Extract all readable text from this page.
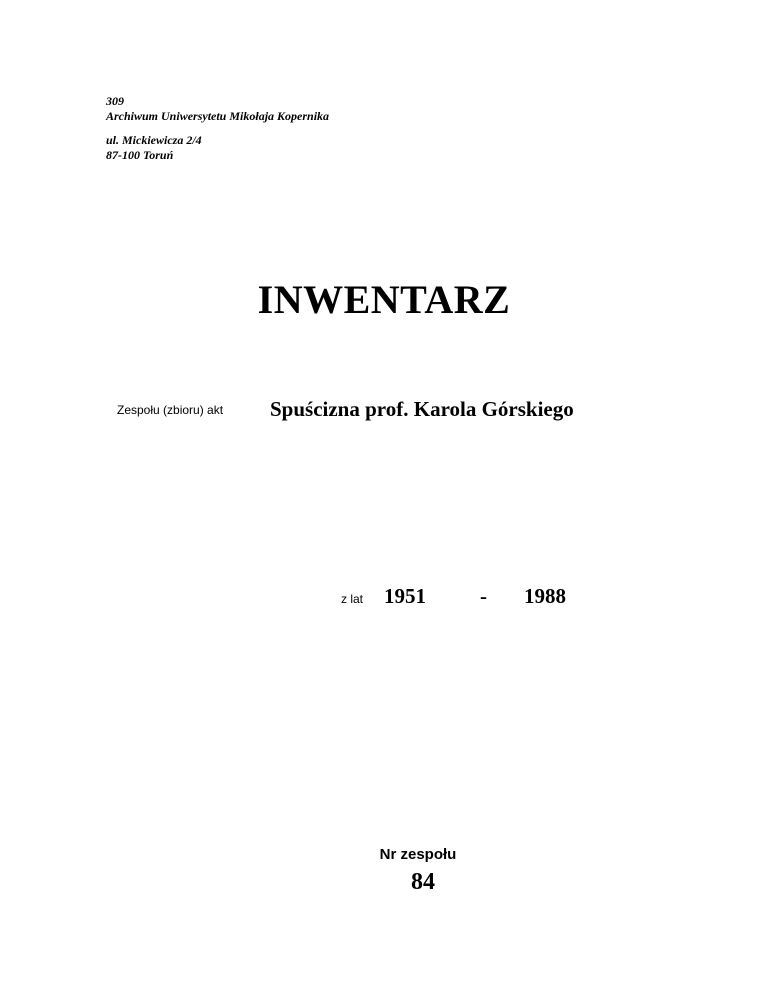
309
Archiwum Uniwersytetu Mikołaja Kopernika
ul. Mickiewicza 2/4
87-100 Toruń
INWENTARZ
Zespołu (zbioru) akt Spuścizna prof. Karola Górskiego
z lat 1951	- 1988
Nr zespołu
84
